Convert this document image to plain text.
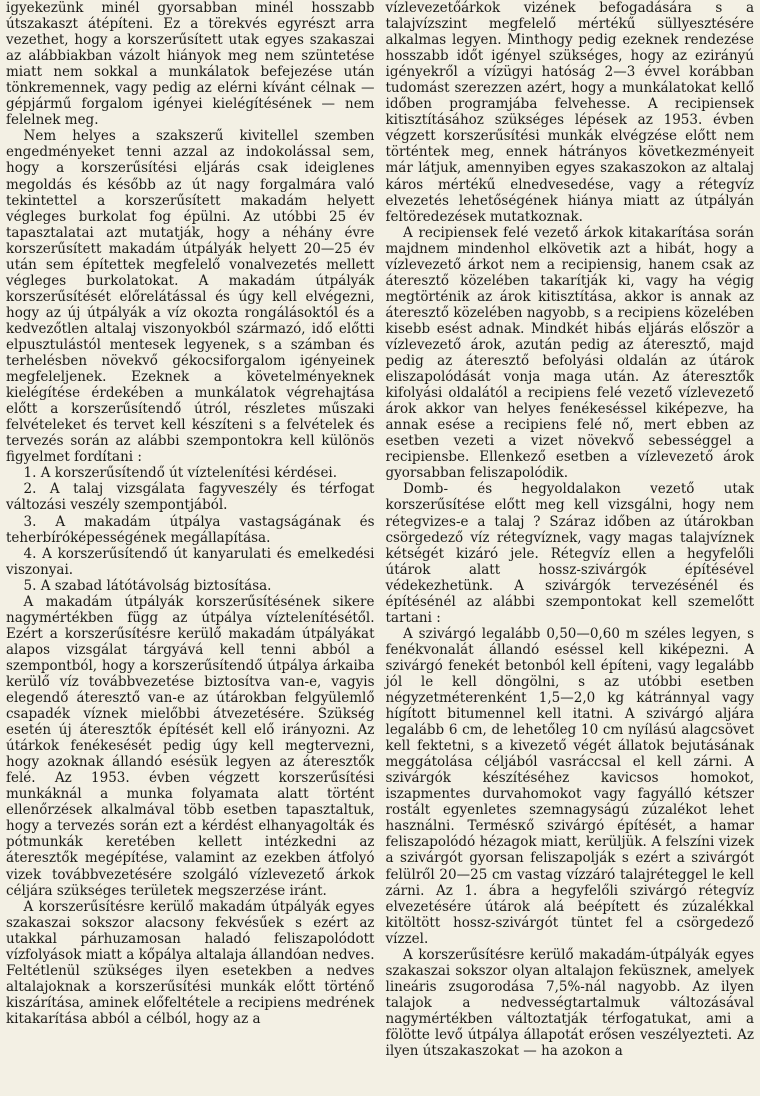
igyekezünk minél gyorsabban minél hosszabb útszakaszt átépíteni. Ez a törekvés egyrészt arra vezethet, hogy a korszerűsített utak egyes szakaszai az alábbiakban vázolt hiányok meg nem szüntetése miatt nem sokkal a munkálatok befejezése után tönkremennek, vagy pedig az elérni kívánt célnak — gépjármű forgalom igényei kielégítésének — nem felelnek meg.

Nem helyes a szakszerű kivitellel szemben engedményeket tenni azzal az indokolással sem, hogy a korszerűsítési eljárás csak ideiglenes megoldás és később az út nagy forgalmára való tekintettel a korszerűsített makadám helyett végleges burkolat fog épülni. Az utóbbi 25 év tapasztalatai azt mutatják, hogy a néhány évre korszerűsített makadám útpályák helyett 20—25 év után sem építettek megfelelő vonalvezetés mellett végleges burkolatokat. A makadám útpályák korszerűsítését előrelátással és úgy kell elvégezni, hogy az új útpályák a víz okozta rongálásoktól és a kedvezőtlen altalaj viszonyokból származó, idő előtti elpusztulástól mentesek legyenek, s a számban és terhelésben növekvő gékocsiforgalom igényeinek megfeleljenek. Ezeknek a követelményeknek kielégítése érdekében a munkálatok végrehajtása előtt a korszerűsítendő útról, részletes műszaki felvételeket és tervet kell készíteni s a felvételek és tervezés során az alábbi szempontokra kell különös figyelmet fordítani :

1. A korszerűsítendő út víztelenítési kérdései.

2. A talaj vizsgálata fagyveszély és térfogat változási veszély szempontjából.

3. A makadám útpálya vastagságának és teherbíróképességének megállapítása.

4. A korszerűsítendő út kanyarulati és emelkedési viszonyai.

5. A szabad látótávolság biztosítása.

A makadám útpályák korszerűsítésének sikere nagymértékben függ az útpálya víztelenítésétől. Ezért a korszerűsítésre kerülő makadám útpályákat alapos vizsgálat tárgyává kell tenni abból a szempontból, hogy a korszerűsítendő útpálya árkaiba kerülő víz továbbvezetése biztosítva van-e, vagyis elegendő áteresztő van-e az útárokban felgyülemlő csapadék víznek mielőbbi átvezetésére. Szükség esetén új áteresztők építését kell elő irányozni. Az útárkok fenékesését pedig úgy kell megtervezni, hogy azoknak állandó esésük legyen az áteresztők felé. Az 1953. évben végzett korszerűsítési munkáknál a munka folyamata alatt történt ellenőrzések alkalmával több esetben tapasztaltuk, hogy a tervezés során ezt a kérdést elhanyagolták és pótmunkák keretében kellett intézkedni az áteresztők megépítése, valamint az ezekben átfolyó vizek továbbvezetésére szolgáló vízlevezető árkok céljára szükséges területek megszerzése iránt.

A korszerűsítésre kerülő makadám útpályák egyes szakaszai sokszor alacsony fekvésűek s ezért az utakkal párhuzamosan haladó feliszapolódott vízfolyások miatt a kőpálya altalaja állandóan nedves. Feltétlenül szükséges ilyen esetekben a nedves altalajoknak a korszerűsítési munkák előtt történő kiszárítása, aminek előfeltétele a recipiens medrének kitakarítása abból a célból, hogy az a

vízlevezetőárkok vizének befogadására s a talajvízszint megfelelő mértékű süllyesztésére alkalmas legyen. Minthogy pedig ezeknek rendezése hosszabb időt igényel szükséges, hogy az ezirányú igényekről a vízügyi hatóság 2—3 évvel korábban tudomást szerezzen azért, hogy a munkálatokat kellő időben programjába felvehesse. A recipiensek kitisztításához szükséges lépések az 1953. évben végzett korszerűsítési munkák elvégzése előtt nem történtek meg, ennek hátrányos következményeit már látjuk, amennyiben egyes szakaszokon az altalaj káros mértékű elnedvesedése, vagy a rétegvíz elvezetés lehetőségének hiánya miatt az útpályán feltöredezések mutatkoznak.

A recipiensek felé vezető árkok kitakarítása során majdnem mindenhol elkövetik azt a hibát, hogy a vízlevezető árkot nem a recipiensig, hanem csak az áteresztő közelében takarítják ki, vagy ha végig megtörténik az árok kitisztítása, akkor is annak az áteresztő közelében nagyobb, s a recipiens közelében kisebb esést adnak. Mindkét hibás eljárás először a vízlevezető árok, azután pedig az áteresztő, majd pedig az áteresztő befolyási oldalán az útárok eliszapolódását vonja maga után. Az áteresztők kifolyási oldalától a recipiens felé vezető vízlevezető árok akkor van helyes fenékeséssel kiképezve, ha annak esése a recipiens felé nő, mert ebben az esetben vezeti a vizet növekvő sebességgel a recipiensbe. Ellenkező esetben a vízlevezető árok gyorsabban feliszapolódik.

Domb- és hegyoldalakon vezető utak korszerűsítése előtt meg kell vizsgálni, hogy nem rétegvizes-e a talaj ? Száraz időben az útárokban csörgedező víz rétegvíznek, vagy magas talajvíznek kétségét kizáró jele. Rétegvíz ellen a hegyfelőli útárok alatt hossz-szivárgók építésével védekezhetünk. A szivárgók tervezésénél és építésénél az alábbi szempontokat kell szemelőtt tartani :

A szivárgó legalább 0,50—0,60 m széles legyen, s fenékvonalát állandó eséssel kell kiképezni. A szivárgó fenekét betonból kell építeni, vagy legalább jól le kell döngölni, s az utóbbi esetben négyzetméterenként 1,5—2,0 kg kátránnyal vagy hígított bitumennel kell itatni. A szivárgó aljára legalább 6 cm, de lehetőleg 10 cm nyílású alagcsövet kell fektetni, s a kivezető végét állatok bejutásának meggátolása céljából vasráccsal el kell zárni. A szivárgók készítéséhez kavicsos homokot, iszapmentes durvahomokot vagy fagyálló kétszer rostált egyenletes szemnagyságú zúzalékot lehet használni. Termésкő szivárgó építését, a hamar feliszapolódó hézagok miatt, kerüljük. A felszíni vizek a szivárgót gyorsan feliszapolják s ezért a szivárgót felülről 20—25 cm vastag vízzáró talajréteggel le kell zárni. Az 1. ábra a hegyfelőli szivárgó rétegvíz elvezetésére útárok alá beépített és zúzalékkal kitöltött hossz-szivárgót tüntet fel a csörgedező vízzel.

A korszerűsítésre kerülő makadám-útpályák egyes szakaszai sokszor olyan altalajon feküsznek, amelyek lineáris zsugorodása 7,5%-nál nagyobb. Az ilyen talajok a nedvességtartalmuk változásával nagymértékben változtatják térfogatukat, ami a fölötte levő útpálya állapotát erősen veszélyezteti. Az ilyen útszakaszokat — ha azokon a
